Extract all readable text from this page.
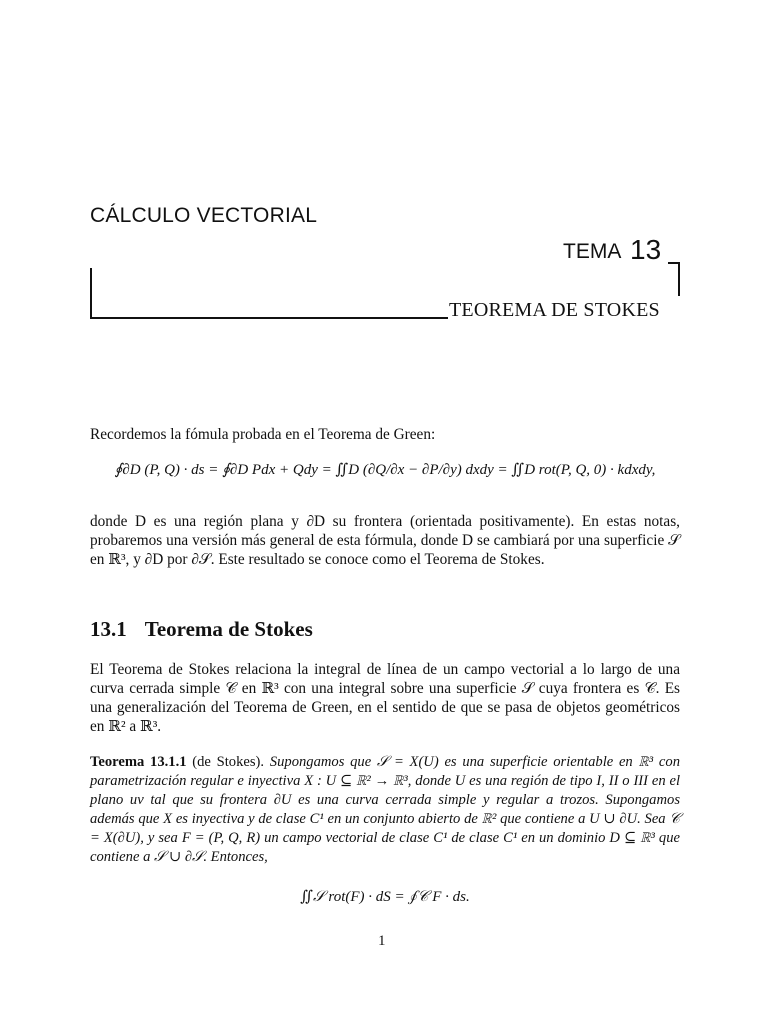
CÁLCULO VECTORIAL
TEMA 13
TEOREMA DE STOKES
Recordemos la fómula probada en el Teorema de Green:
∮∂D (P, Q) · ds = ∮∂D Pdx + Qdy = ∬D (∂Q/∂x − ∂P/∂y) dxdy = ∬D rot(P, Q, 0) · kdxdy,
donde D es una región plana y ∂D su frontera (orientada positivamente). En estas notas, probaremos una versión más general de esta fórmula, donde D se cambiará por una superficie 𝒮 en ℝ³, y ∂D por ∂𝒮. Este resultado se conoce como el Teorema de Stokes.
13.1 Teorema de Stokes
El Teorema de Stokes relaciona la integral de línea de un campo vectorial a lo largo de una curva cerrada simple 𝒞 en ℝ³ con una integral sobre una superficie 𝒮 cuya frontera es 𝒞. Es una generalización del Teorema de Green, en el sentido de que se pasa de objetos geométricos en ℝ² a ℝ³.
Teorema 13.1.1 (de Stokes). Supongamos que 𝒮 = X(U) es una superficie orientable en ℝ³ con parametrización regular e inyectiva X : U ⊆ ℝ² → ℝ³, donde U es una región de tipo I, II o III en el plano uv tal que su frontera ∂U es una curva cerrada simple y regular a trozos. Supongamos además que X es inyectiva y de clase C¹ en un conjunto abierto de ℝ² que contiene a U ∪ ∂U. Sea 𝒞 = X(∂U), y sea F = (P, Q, R) un campo vectorial de clase C¹ de clase C¹ en un dominio D ⊆ ℝ³ que contiene a 𝒮 ∪ ∂𝒮. Entonces,
∬𝒮 rot(F) · dS = ∮𝒞 F · ds.
1
